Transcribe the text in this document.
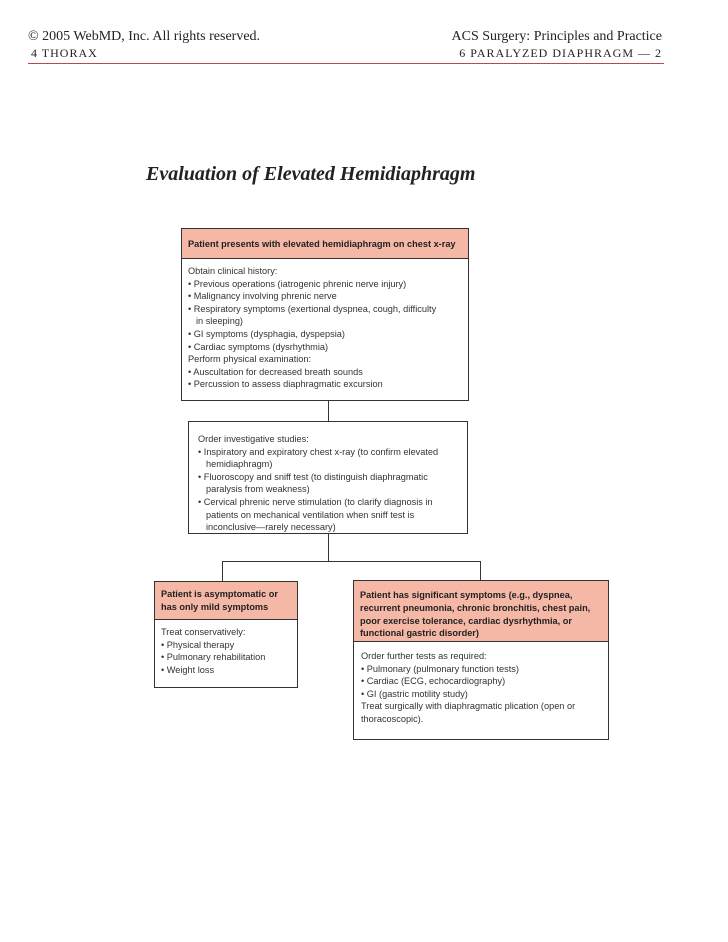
© 2005 WebMD, Inc. All rights reserved.
4 THORAX
ACS Surgery: Principles and Practice
6 PARALYZED DIAPHRAGM — 2
Evaluation of Elevated Hemidiaphragm
Patient presents with elevated hemidiaphragm on chest x-ray
Obtain clinical history:
• Previous operations (iatrogenic phrenic nerve injury)
• Malignancy involving phrenic nerve
• Respiratory symptoms (exertional dyspnea, cough, difficulty
in sleeping)
• GI symptoms (dysphagia, dyspepsia)
• Cardiac symptoms (dysrhythmia)
Perform physical examination:
• Auscultation for decreased breath sounds
• Percussion to assess diaphragmatic excursion
Order investigative studies:
• Inspiratory and expiratory chest x-ray (to confirm elevated
hemidiaphragm)
• Fluoroscopy and sniff test (to distinguish diaphragmatic
paralysis from weakness)
• Cervical phrenic nerve stimulation (to clarify diagnosis in
patients on mechanical ventilation when sniff test is
inconclusive—rarely necessary)
Patient is asymptomatic or
has only mild symptoms
Treat conservatively:
• Physical therapy
• Pulmonary rehabilitation
• Weight loss
Patient has significant symptoms (e.g., dyspnea,
recurrent pneumonia, chronic bronchitis, chest pain,
poor exercise tolerance, cardiac dysrhythmia, or
functional gastric disorder)
Order further tests as required:
• Pulmonary (pulmonary function tests)
• Cardiac (ECG, echocardiography)
• GI (gastric motility study)
Treat surgically with diaphragmatic plication (open or
thoracoscopic).
